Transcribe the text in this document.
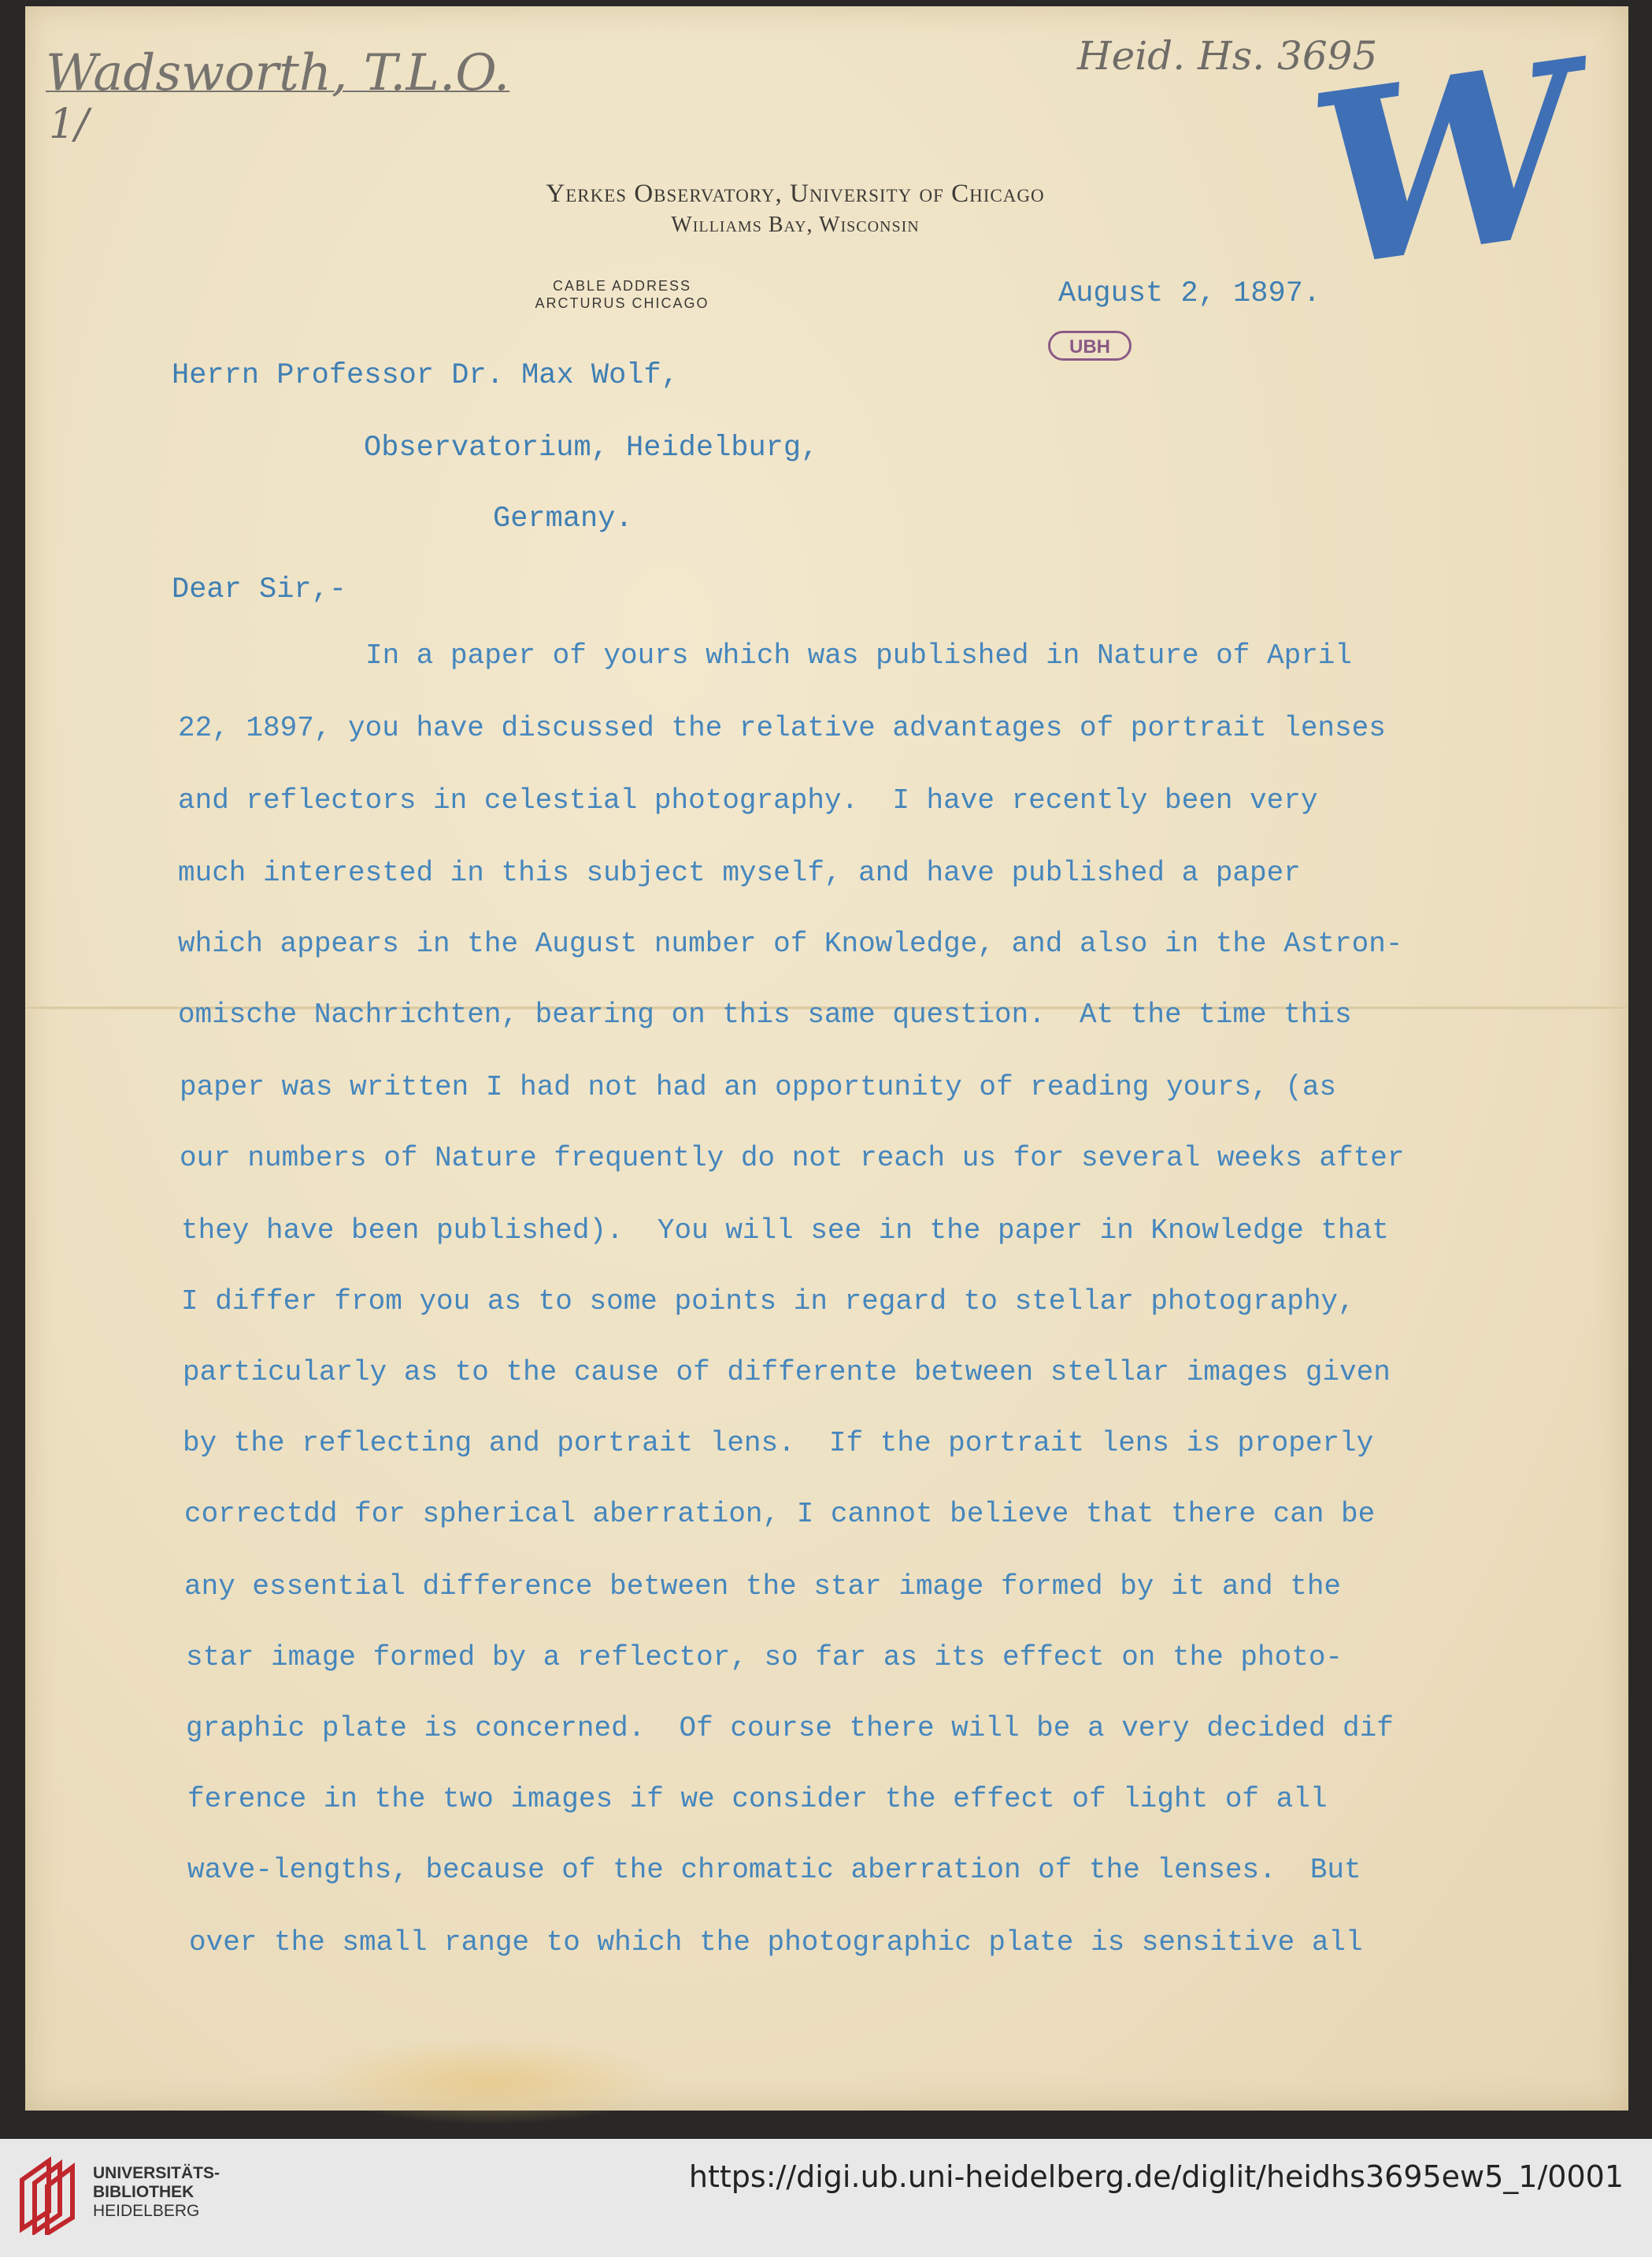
Wadsworth, T.L.O.
1/
Heid. Hs. 3695
W
Yerkes Observatory, University of Chicago
Williams Bay, Wisconsin
CABLE ADDRESS
ARCTURUS CHICAGO	August 2, 1897.
UBH
Herrn Professor Dr. Max Wolf,
Observatorium, Heidelburg,
Germany.
Dear Sir,-
In a paper of yours which was published in Nature of April
22, 1897, you have discussed the relative advantages of portrait lenses
and reflectors in celestial photography.  I have recently been very
much interested in this subject myself, and have published a paper
which appears in the August number of Knowledge, and also in the Astron-
omische Nachrichten, bearing on this same question.  At the time this
paper was written I had not had an opportunity of reading yours, (as
our numbers of Nature frequently do not reach us for several weeks after
they have been published).  You will see in the paper in Knowledge that
I differ from you as to some points in regard to stellar photography,
particularly as to the cause of differente between stellar images given
by the reflecting and portrait lens.  If the portrait lens is properly
correctdd for spherical aberration, I cannot believe that there can be
any essential difference between the star image formed by it and the
star image formed by a reflector, so far as its effect on the photo-
graphic plate is concerned.  Of course there will be a very decided dif
ference in the two images if we consider the effect of light of all
wave-lengths, because of the chromatic aberration of the lenses.  But
over the small range to which the photographic plate is sensitive all
UNIVERSITÄTS-
BIBLIOTHEK
HEIDELBERG
https://digi.ub.uni-heidelberg.de/diglit/heidhs3695ew5_1/0001
